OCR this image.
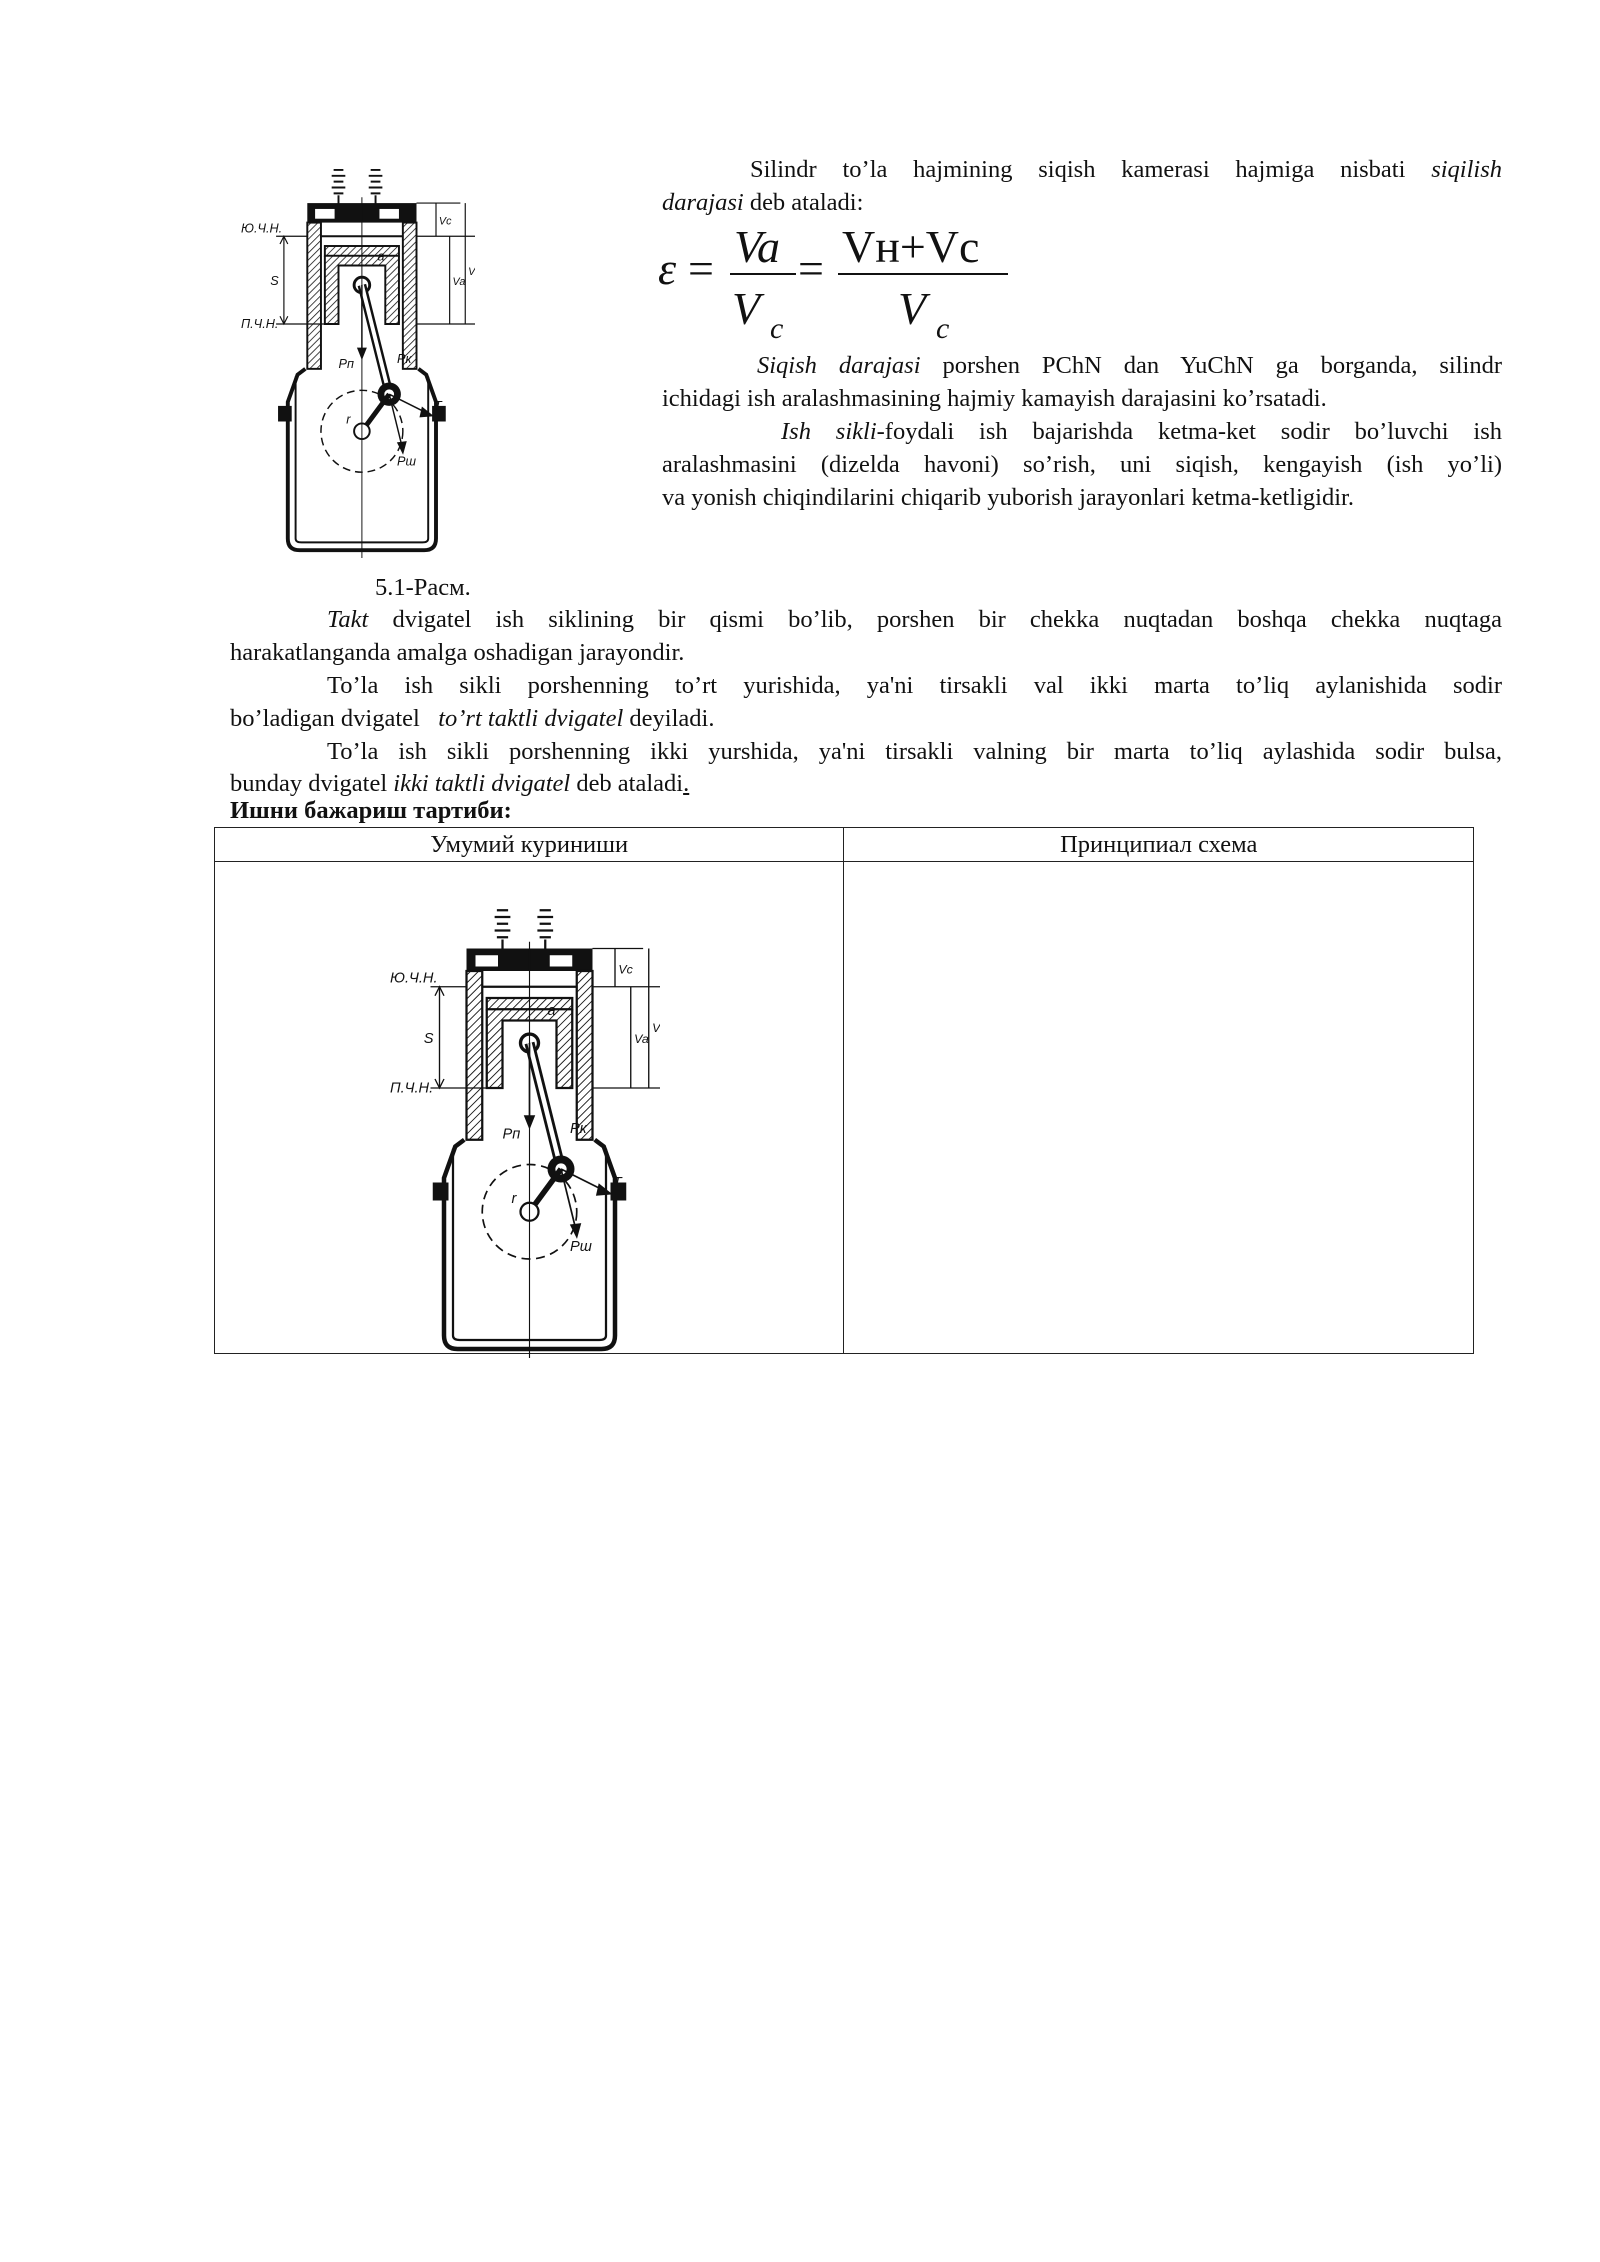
Silindr to’la hajmining siqish kamerasi hajmiga nisbati siqilish

darajasi deb ataladi:

ε = Va
V c
= Vн+Vc
V c

Siqish darajasi porshen PChN dan YuChN ga borganda, silindr

ichidagi ish aralashmasining hajmiy kamayish darajasini ko’rsatadi.

Ish sikli-foydali ish bajarishda ketma-ket sodir bo’luvchi ish

aralashmasini (dizelda havoni) so’rish, uni siqish, kengayish (ish yo’li)

va yonish chiqindilarini chiqarib yuborish jarayonlari ketma-ketligidir.

5.1-Расм.

Takt dvigatel ish siklining bir qismi bo’lib, porshen bir chekka nuqtadan boshqa chekka nuqtaga

harakatlanganda amalga oshadigan jarayondir.

To’la ish sikli porshenning to’rt yurishida, ya'ni tirsakli val ikki marta to’liq aylanishida sodir

bo’ladigan dvigatel to’rt taktli dvigatel deyiladi.

To’la ish sikli porshenning ikki yurshida, ya'ni tirsakli valning bir marta to’liq aylashida sodir bulsa,

bunday dvigatel ikki taktli dvigatel deb ataladi.

Ишни бажариш тартиби:
Умумий куриниши	Принципиал схема
